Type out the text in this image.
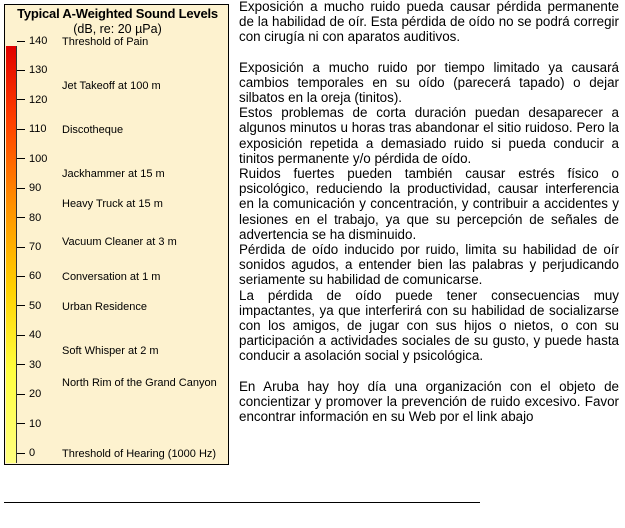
Typical A-Weighted Sound Levels
(dB, re: 20 µPa)
140
130
120
110
100
90
80
70
60
50
40
30
20
10
0
Threshold of Pain
Jet Takeoff at 100 m
Discotheque
Jackhammer at 15 m
Heavy Truck at 15 m
Vacuum Cleaner at 3 m
Conversation at 1 m
Urban Residence
Soft Whisper at 2 m
North Rim of the Grand Canyon
Threshold of Hearing (1000 Hz)

Exposición a mucho ruido pueda causar pérdida permanente de la habilidad de oír. Esta pérdida de oído no se podrá corregir con cirugía ni con aparatos auditivos.

Exposición a mucho ruido por tiempo limitado ya causará cambios temporales en su oído (parecerá tapado) o dejar silbatos en la oreja (tinitos).

Estos problemas de corta duración puedan desaparecer a algunos minutos u horas tras abandonar el sitio ruidoso. Pero la exposición repetida a demasiado ruido si pueda conducir a tinitos permanente y/o pérdida de oído.

Ruidos fuertes pueden también causar estrés físico o psicológico, reduciendo la productividad, causar interferencia en la comunicación y concentración, y contribuir a accidentes y lesiones en el trabajo, ya que su percepción de señales de advertencia se ha disminuido.

Pérdida de oído inducido por ruido, limita su habilidad de oír sonidos agudos, a entender bien las palabras y perjudicando seriamente su habilidad de comunicarse.

La pérdida de oído puede tener consecuencias muy impactantes, ya que interferirá con su habilidad de socializarse con los amigos, de jugar con sus hijos o nietos, o con su participación a actividades sociales de su gusto, y puede hasta conducir a asolación social y psicológica.

En Aruba hay hoy día una organización con el objeto de concientizar y promover la prevención de ruido excesivo. Favor encontrar información en su Web por el link abajo
